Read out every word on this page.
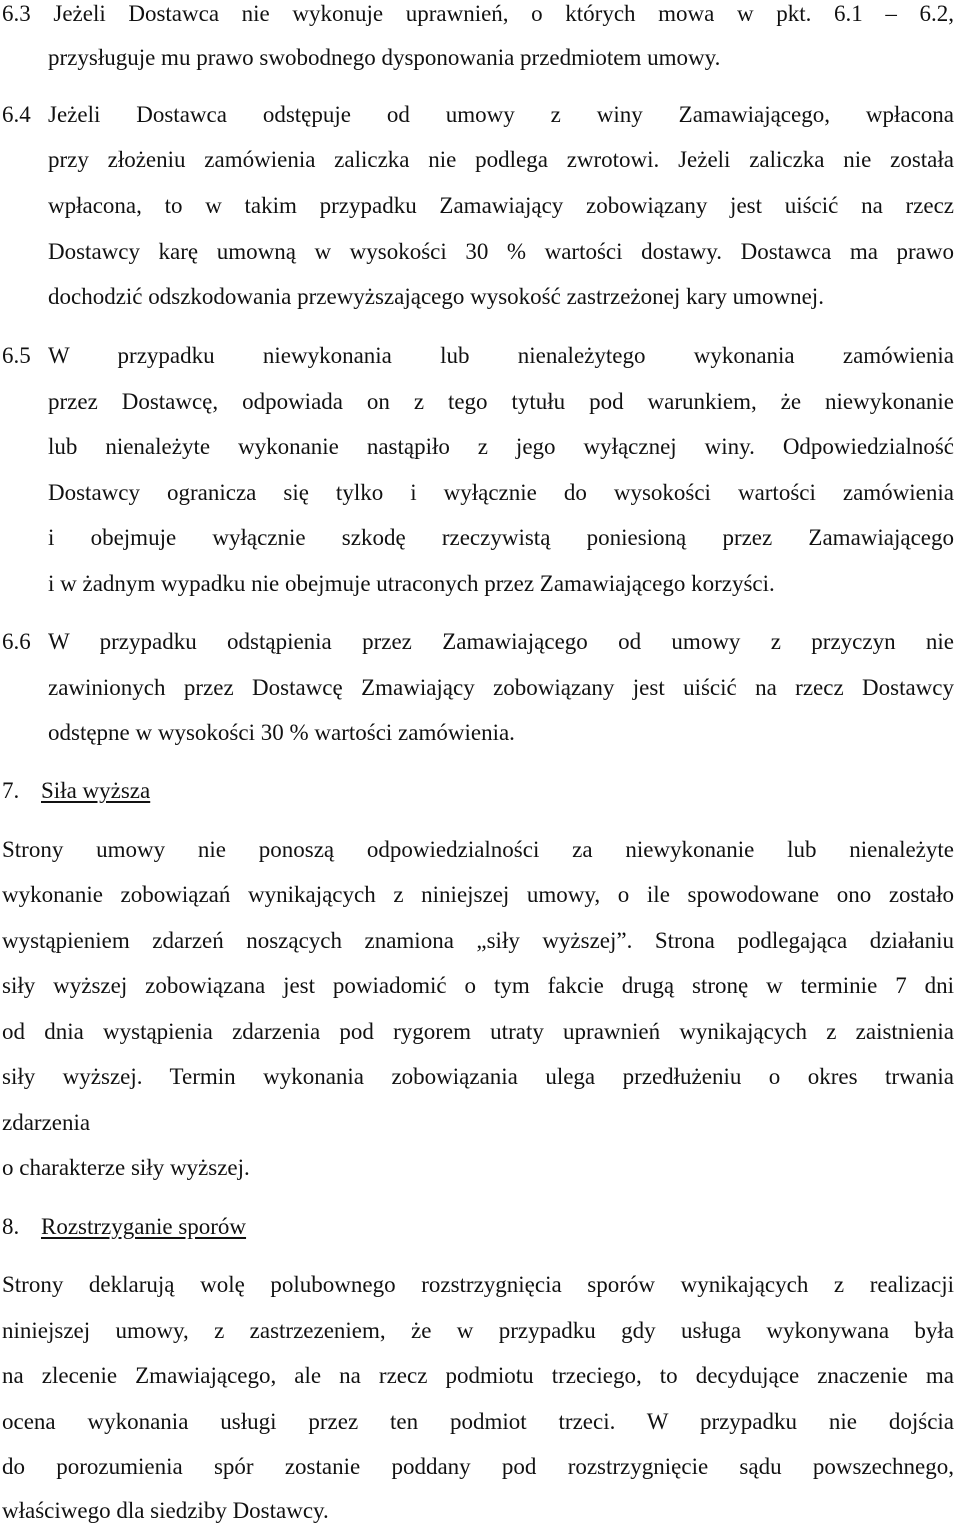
6.3 Jeżeli Dostawca nie wykonuje uprawnień, o których mowa w pkt. 6.1 – 6.2,
przysługuje mu prawo swobodnego dysponowania przedmiotem umowy.
6.4 Jeżeli Dostawca odstępuje od umowy z winy Zamawiającego, wpłacona
przy złożeniu zamówienia zaliczka nie podlega zwrotowi. Jeżeli zaliczka nie została
wpłacona, to w takim przypadku Zamawiający zobowiązany jest uiścić na rzecz
Dostawcy karę umowną w wysokości 30 % wartości dostawy. Dostawca ma prawo
dochodzić odszkodowania przewyższającego wysokość zastrzeżonej kary umownej.
6.5 W przypadku niewykonania lub nienależytego wykonania zamówienia
przez Dostawcę, odpowiada on z tego tytułu pod warunkiem, że niewykonanie
lub nienależyte wykonanie nastąpiło z jego wyłącznej winy. Odpowiedzialność
Dostawcy ogranicza się tylko i wyłącznie do wysokości wartości zamówienia
i obejmuje wyłącznie szkodę rzeczywistą poniesioną przez Zamawiającego
i w żadnym wypadku nie obejmuje utraconych przez Zamawiającego korzyści.
6.6 W przypadku odstąpienia przez Zamawiającego od umowy z przyczyn nie
zawinionych przez Dostawcę Zmawiający zobowiązany jest uiścić na rzecz Dostawcy
odstępne w wysokości 30 % wartości zamówienia.
7. Siła wyższa
Strony umowy nie ponoszą odpowiedzialności za niewykonanie lub nienależyte
wykonanie zobowiązań wynikających z niniejszej umowy, o ile spowodowane ono zostało
wystąpieniem zdarzeń noszących znamiona „siły wyższej”. Strona podlegająca działaniu
siły wyższej zobowiązana jest powiadomić o tym fakcie drugą stronę w terminie 7 dni
od dnia wystąpienia zdarzenia pod rygorem utraty uprawnień wynikających z zaistnienia
siły wyższej. Termin wykonania zobowiązania ulega przedłużeniu o okres trwania
zdarzenia
o charakterze siły wyższej.
8. Rozstrzyganie sporów
Strony deklarują wolę polubownego rozstrzygnięcia sporów wynikających z realizacji
niniejszej umowy, z zastrzezeniem, że w przypadku gdy usługa wykonywana była
na zlecenie Zmawiającego, ale na rzecz podmiotu trzeciego, to decydujące znaczenie ma
ocena wykonania usługi przez ten podmiot trzeci. W przypadku nie dojścia
do porozumienia spór zostanie poddany pod rozstrzygnięcie sądu powszechnego,
właściwego dla siedziby Dostawcy.
